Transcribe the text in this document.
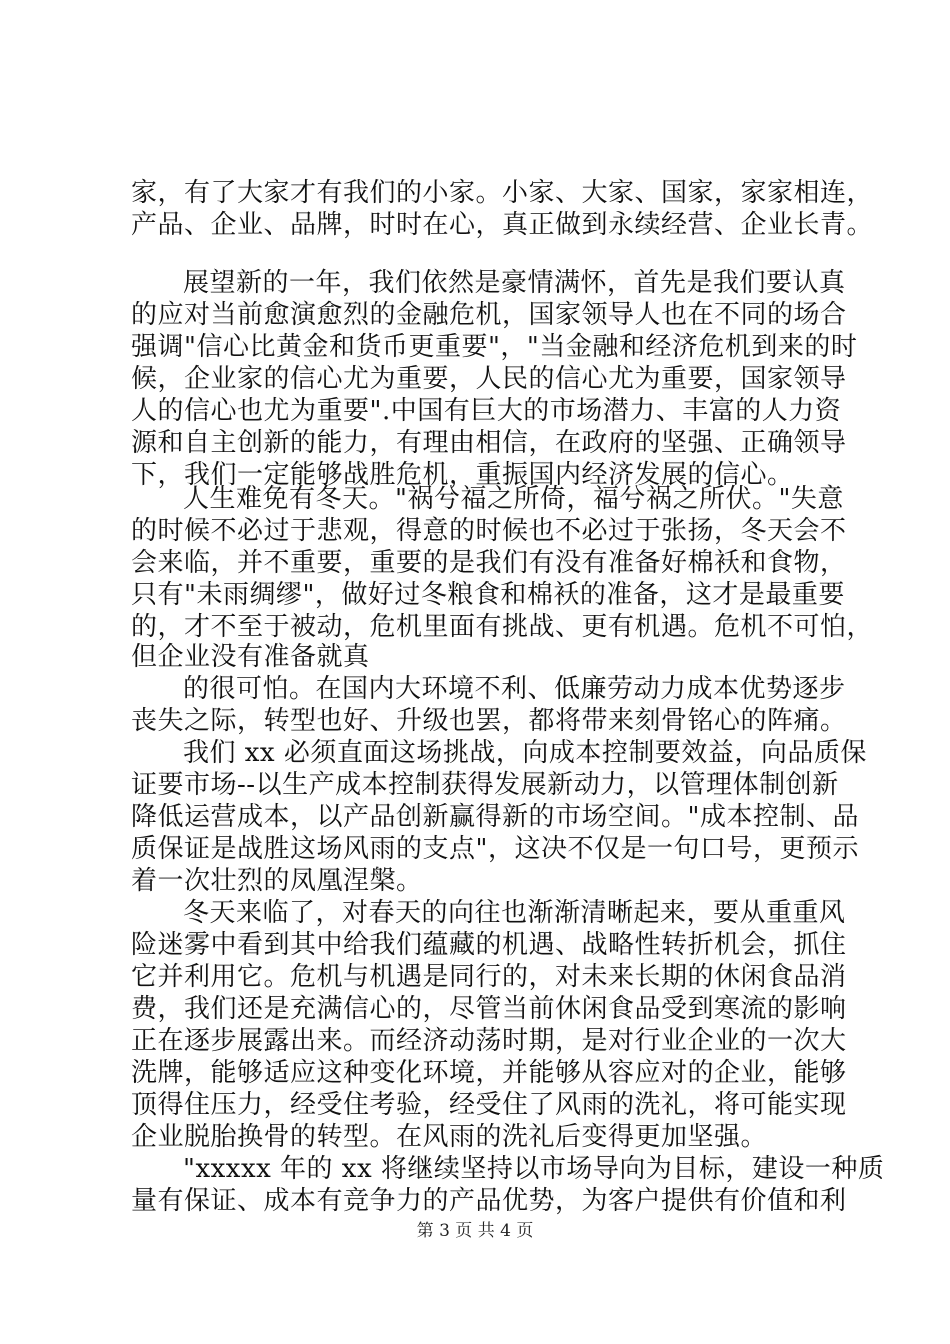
家，有了大家才有我们的小家。小家、大家、国家，家家相连，
产品、企业、品牌，时时在心，真正做到永续经营、企业长青。
展望新的一年，我们依然是豪情满怀，首先是我们要认真
的应对当前愈演愈烈的金融危机，国家领导人也在不同的场合
强调"信心比黄金和货币更重要"，"当金融和经济危机到来的时
候，企业家的信心尤为重要，人民的信心尤为重要，国家领导
人的信心也尤为重要".中国有巨大的市场潜力、丰富的人力资
源和自主创新的能力，有理由相信，在政府的坚强、正确领导
下，我们一定能够战胜危机，重振国内经济发展的信心。
人生难免有冬天。"祸兮福之所倚，福兮祸之所伏。"失意
的时候不必过于悲观，得意的时候也不必过于张扬，冬天会不
会来临，并不重要，重要的是我们有没有准备好棉袄和食物，
只有"未雨绸缪"，做好过冬粮食和棉袄的准备，这才是最重要
的，才不至于被动，危机里面有挑战、更有机遇。危机不可怕，
但企业没有准备就真
的很可怕。在国内大环境不利、低廉劳动力成本优势逐步
丧失之际，转型也好、升级也罢，都将带来刻骨铭心的阵痛。
我们 xx 必须直面这场挑战，向成本控制要效益，向品质保
证要市场--以生产成本控制获得发展新动力，以管理体制创新
降低运营成本，以产品创新赢得新的市场空间。"成本控制、品
质保证是战胜这场风雨的支点"，这决不仅是一句口号，更预示
着一次壮烈的凤凰涅槃。
冬天来临了，对春天的向往也渐渐清晰起来，要从重重风
险迷雾中看到其中给我们蕴藏的机遇、战略性转折机会，抓住
它并利用它。危机与机遇是同行的，对未来长期的休闲食品消
费，我们还是充满信心的，尽管当前休闲食品受到寒流的影响
正在逐步展露出来。而经济动荡时期，是对行业企业的一次大
洗牌，能够适应这种变化环境，并能够从容应对的企业，能够
顶得住压力，经受住考验，经受住了风雨的洗礼，将可能实现
企业脱胎换骨的转型。在风雨的洗礼后变得更加坚强。
"xxxxx 年的 xx 将继续坚持以市场导向为目标，建设一种质
量有保证、成本有竞争力的产品优势，为客户提供有价值和利
第 3 页 共 4 页
